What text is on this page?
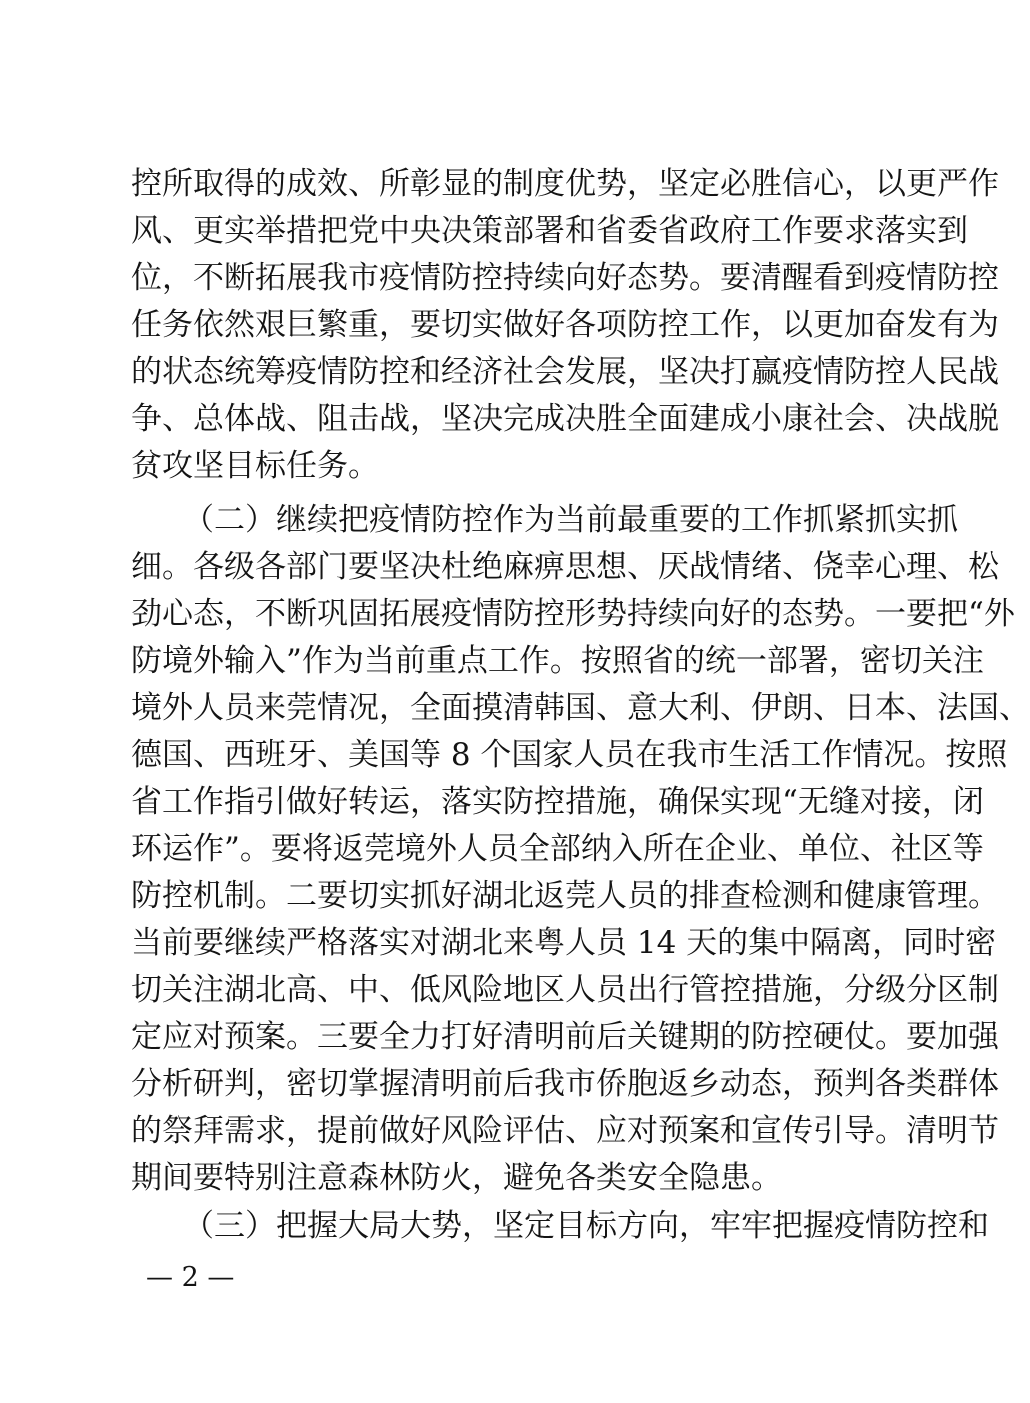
控所取得的成效、所彰显的制度优势，坚定必胜信心，以更严作
风、更实举措把党中央决策部署和省委省政府工作要求落实到
位，不断拓展我市疫情防控持续向好态势。要清醒看到疫情防控
任务依然艰巨繁重，要切实做好各项防控工作，以更加奋发有为
的状态统筹疫情防控和经济社会发展，坚决打赢疫情防控人民战
争、总体战、阻击战，坚决完成决胜全面建成小康社会、决战脱
贫攻坚目标任务。
（二）继续把疫情防控作为当前最重要的工作抓紧抓实抓
细。各级各部门要坚决杜绝麻痹思想、厌战情绪、侥幸心理、松
劲心态，不断巩固拓展疫情防控形势持续向好的态势。一要把“外
防境外输入”作为当前重点工作。按照省的统一部署，密切关注
境外人员来莞情况，全面摸清韩国、意大利、伊朗、日本、法国、
德国、西班牙、美国等 8 个国家人员在我市生活工作情况。按照
省工作指引做好转运，落实防控措施，确保实现“无缝对接，闭
环运作”。要将返莞境外人员全部纳入所在企业、单位、社区等
防控机制。二要切实抓好湖北返莞人员的排查检测和健康管理。
当前要继续严格落实对湖北来粤人员 14 天的集中隔离，同时密
切关注湖北高、中、低风险地区人员出行管控措施，分级分区制
定应对预案。三要全力打好清明前后关键期的防控硬仗。要加强
分析研判，密切掌握清明前后我市侨胞返乡动态，预判各类群体
的祭拜需求，提前做好风险评估、应对预案和宣传引导。清明节
期间要特别注意森林防火，避免各类安全隐患。
（三）把握大局大势，坚定目标方向，牢牢把握疫情防控和
— 2 —
